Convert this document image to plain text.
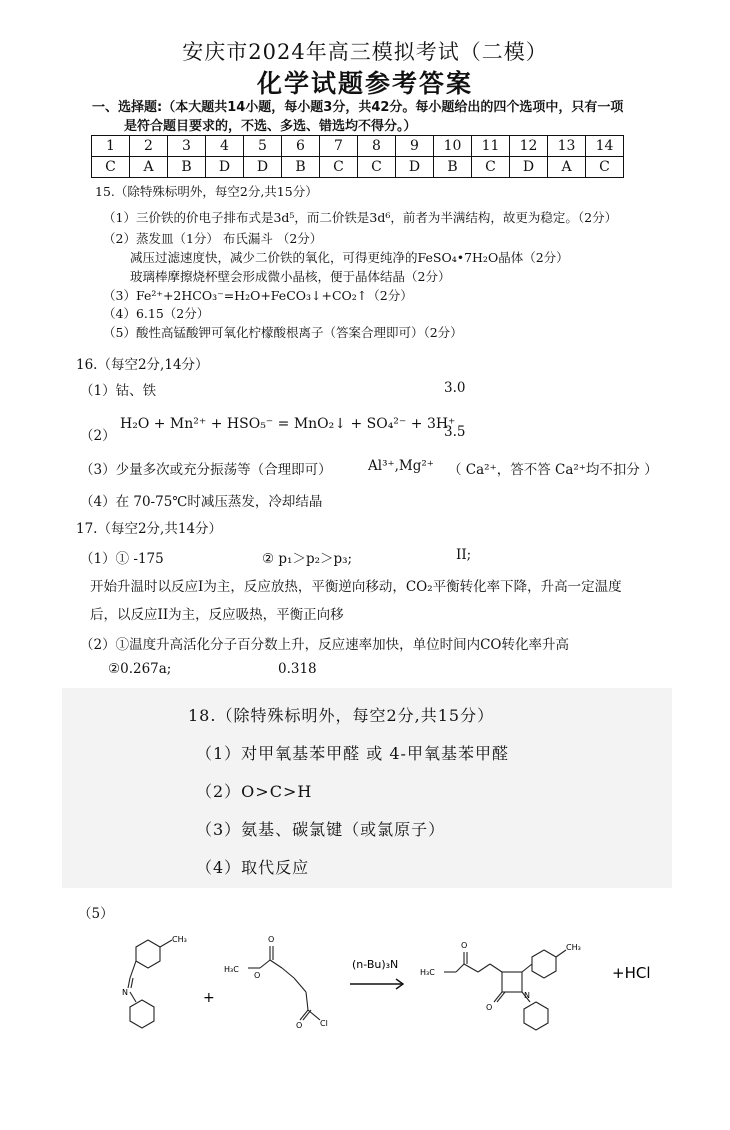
安庆市2024年高三模拟考试（二模）
化学试题参考答案
一、选择题:（本大题共14小题，每小题3分，共42分。每小题给出的四个选项中，只有一项
是符合题目要求的，不选、多选、错选均不得分。）
1	2	3	4	5	6	7	8	9	10	11	12	13	14
C	A	B	D	D	B	C	C	D	B	C	D	A	C
15.（除特殊标明外，每空2分,共15分）
（1）三价铁的价电子排布式是3d⁵，而二价铁是3d⁶，前者为半满结构，故更为稳定。（2分）
（2）蒸发皿（1分） 布氏漏斗 （2分）
减压过滤速度快，减少二价铁的氧化，可得更纯净的FeSO₄•7H₂O晶体（2分）
玻璃棒摩擦烧杯壁会形成微小晶核，便于晶体结晶（2分）
（3）Fe²⁺+2HCO₃⁻=H₂O+FeCO₃↓+CO₂↑（2分）
（4）6.15（2分）
（5）酸性高锰酸钾可氧化柠檬酸根离子（答案合理即可）（2分）
16.（每空2分,14分）
（1）钴、铁	3.0
（2）
H₂O + Mn²⁺ + HSO₅⁻ = MnO₂↓ + SO₄²⁻ + 3H⁺
3.5
（3）少量多次或充分振荡等（合理即可）	Al³⁺,Mg²⁺ （ Ca²⁺，答不答 Ca²⁺均不扣分 ）
（4）在 70-75℃时减压蒸发，冷却结晶
17.（每空2分,共14分）
（1）① -175	② p₁＞p₂＞p₃;	II;
开始升温时以反应I为主，反应放热，平衡逆向移动，CO₂平衡转化率下降，升高一定温度
后，以反应II为主，反应吸热，平衡正向移
（2）①温度升高活化分子百分数上升，反应速率加快，单位时间内CO转化率升高
②0.267a;	0.318
18.（除特殊标明外，每空2分,共15分）
（1）对甲氧基苯甲醛 或 4-甲氧基苯甲醛
（2）O>C>H
（3）氨基、碳氯键（或氯原子）
（4）取代反应
（5）
CH₃
N	+
H₃C
O
O
O Cl
(n-Bu)₃N
H₃C
O	CH₃
N
O
+HCl
